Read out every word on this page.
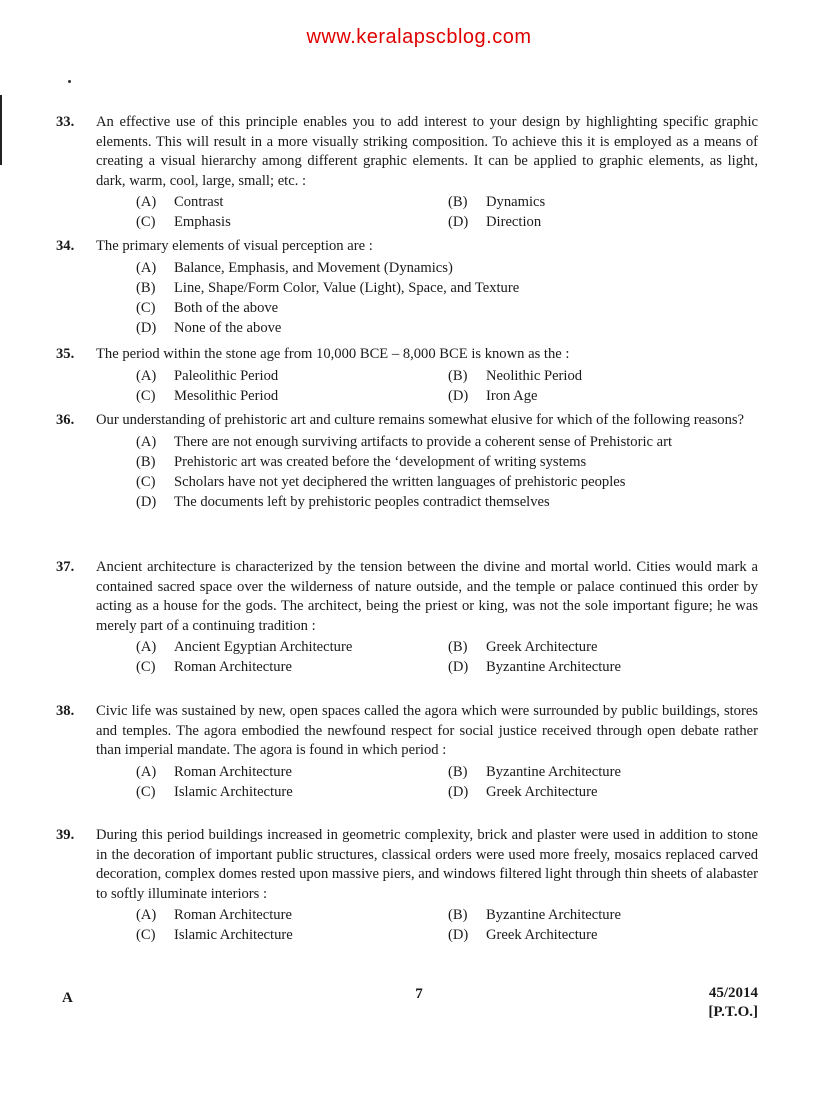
www.keralapscblog.com
33.	An effective use of this principle enables you to add interest to your design by highlighting specific graphic elements. This will result in a more visually striking composition. To achieve this it is employed as a means of creating a visual hierarchy among different graphic elements. It can be applied to graphic elements, as light, dark, warm, cool, large, small; etc. :
(A)	Contrast	(B)	Dynamics
(C)	Emphasis	(D)	Direction
34.	The primary elements of visual perception are :
(A)	Balance, Emphasis, and Movement (Dynamics)
(B)	Line, Shape/Form Color, Value (Light), Space, and Texture
(C)	Both of the above
(D)	None of the above
35.	The period within the stone age from 10,000 BCE – 8,000 BCE is known as the :
(A)	Paleolithic Period	(B)	Neolithic Period
(C)	Mesolithic Period	(D)	Iron Age
36.	Our understanding of prehistoric art and culture remains somewhat elusive for which of the following reasons?
(A)	There are not enough surviving artifacts to provide a coherent sense of Prehistoric art
(B)	Prehistoric art was created before the ‘development of writing systems
(C)	Scholars have not yet deciphered the written languages of prehistoric peoples
(D)	The documents left by prehistoric peoples contradict themselves
37.	Ancient architecture is characterized by the tension between the divine and mortal world. Cities would mark a contained sacred space over the wilderness of nature outside, and the temple or palace continued this order by acting as a house for the gods. The architect, being the priest or king, was not the sole important figure; he was merely part of a continuing tradition :
(A)	Ancient Egyptian Architecture	(B)	Greek Architecture
(C)	Roman Architecture	(D)	Byzantine Architecture
38.	Civic life was sustained by new, open spaces called the agora which were surrounded by public buildings, stores and temples. The agora embodied the newfound respect for social justice received through open debate rather than imperial mandate. The agora is found in which period :
(A)	Roman Architecture	(B)	Byzantine Architecture
(C)	Islamic Architecture	(D)	Greek Architecture
39.	During this period buildings increased in geometric complexity, brick and plaster were used in addition to stone in the decoration of important public structures, classical orders were used more freely, mosaics replaced carved decoration, complex domes rested upon massive piers, and windows filtered light through thin sheets of alabaster to softly illuminate interiors :
(A)	Roman Architecture	(B)	Byzantine Architecture
(C)	Islamic Architecture	(D)	Greek Architecture
A	7	45/2014
[P.T.O.]
